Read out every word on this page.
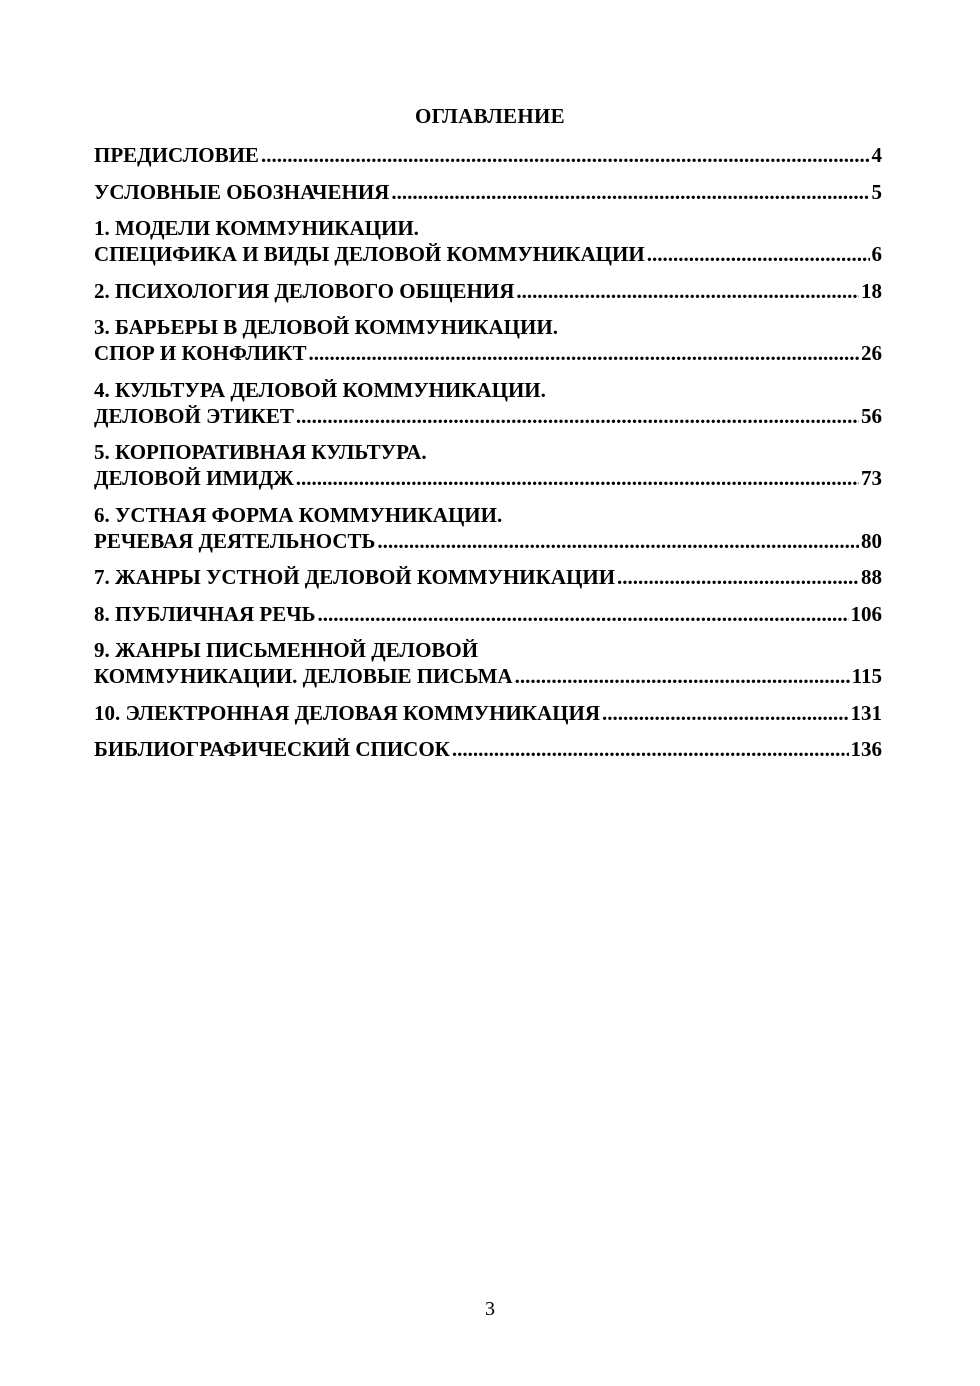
ОГЛАВЛЕНИЕ
ПРЕДИСЛОВИЕ .....	4
УСЛОВНЫЕ ОБОЗНАЧЕНИЯ .....	5
1. МОДЕЛИ КОММУНИКАЦИИ.
СПЕЦИФИКА И ВИДЫ ДЕЛОВОЙ КОММУНИКАЦИИ .....	6
2. ПСИХОЛОГИЯ ДЕЛОВОГО ОБЩЕНИЯ .....	18
3. БАРЬЕРЫ В ДЕЛОВОЙ КОММУНИКАЦИИ.
СПОР И КОНФЛИКТ .....	26
4. КУЛЬТУРА ДЕЛОВОЙ КОММУНИКАЦИИ.
ДЕЛОВОЙ ЭТИКЕТ .....	56
5. КОРПОРАТИВНАЯ КУЛЬТУРА.
ДЕЛОВОЙ ИМИДЖ .....	73
6. УСТНАЯ ФОРМА КОММУНИКАЦИИ.
РЕЧЕВАЯ ДЕЯТЕЛЬНОСТЬ .....	80
7. ЖАНРЫ УСТНОЙ ДЕЛОВОЙ КОММУНИКАЦИИ .....	88
8. ПУБЛИЧНАЯ РЕЧЬ .....	106
9. ЖАНРЫ ПИСЬМЕННОЙ ДЕЛОВОЙ
КОММУНИКАЦИИ. ДЕЛОВЫЕ ПИСЬМА .....	115
10. ЭЛЕКТРОННАЯ ДЕЛОВАЯ КОММУНИКАЦИЯ .....	131
БИБЛИОГРАФИЧЕСКИЙ СПИСОК .....	136
3
